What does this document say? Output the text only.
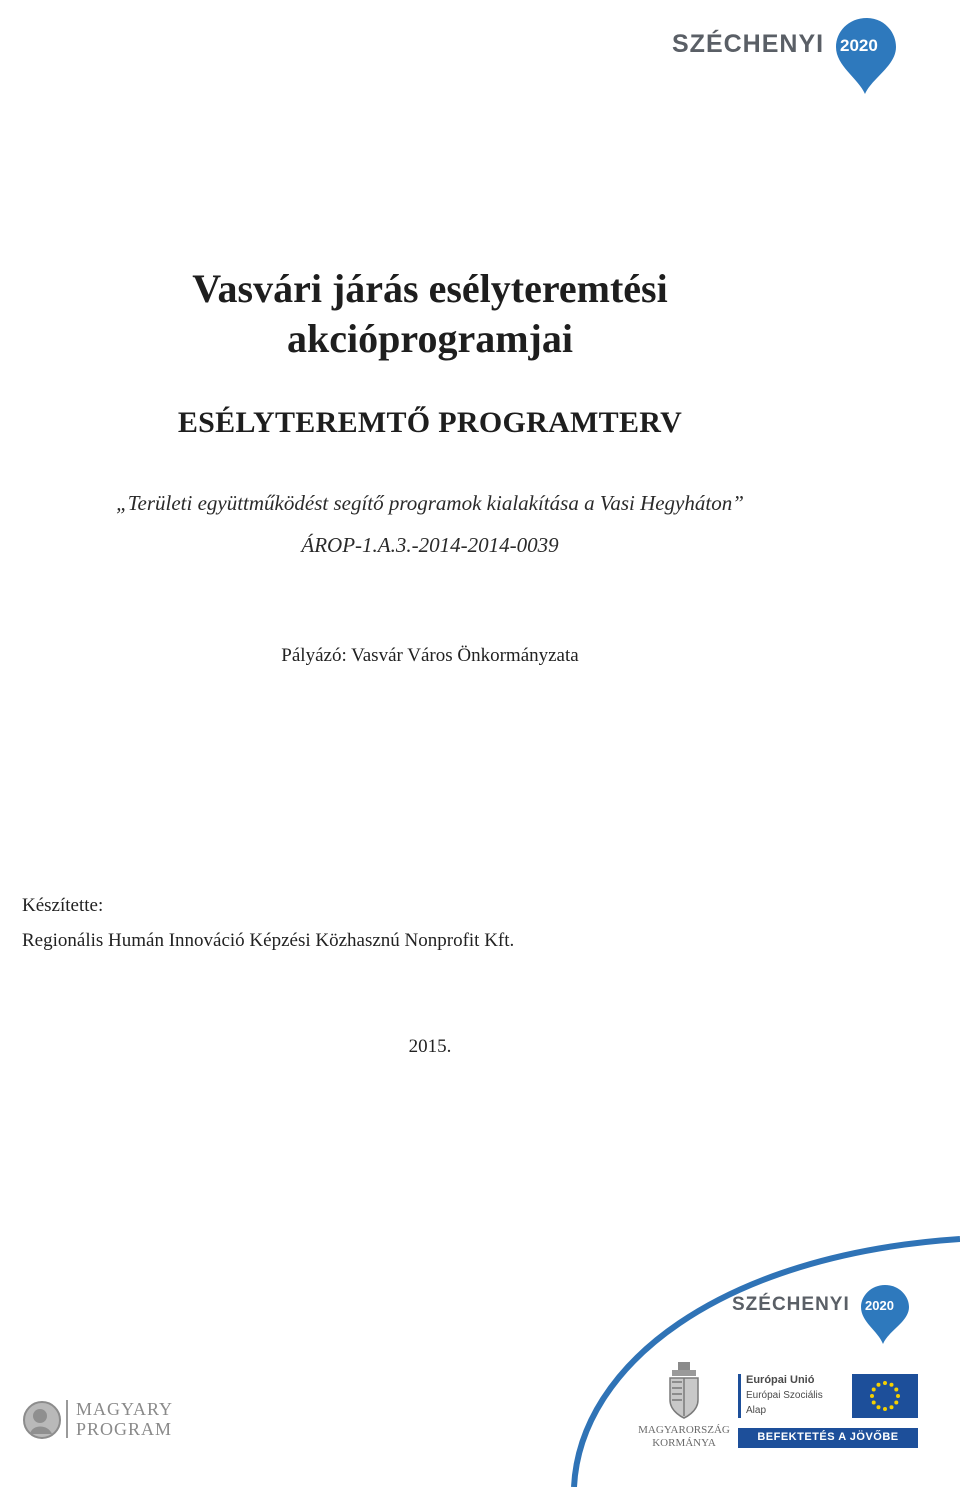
SZÉCHENYI 2020
Vasvári járás esélyteremtési
akcióprogramjai
ESÉLYTEREMTŐ PROGRAMTERV
„Területi együttműködést segítő programok kialakítása a Vasi Hegyháton”
ÁROP-1.A.3.-2014-2014-0039
Pályázó: Vasvár Város Önkormányzata
Készítette:
Regionális Humán Innováció Képzési Közhasznú Nonprofit Kft.
2015.
SZÉCHENYI 2020
MAGYARY
PROGRAM	MAGYARORSZÁG
KORMÁNYA
Európai Unió
Európai Szociális
Alap
BEFEKTETÉS A JÖVŐBE
